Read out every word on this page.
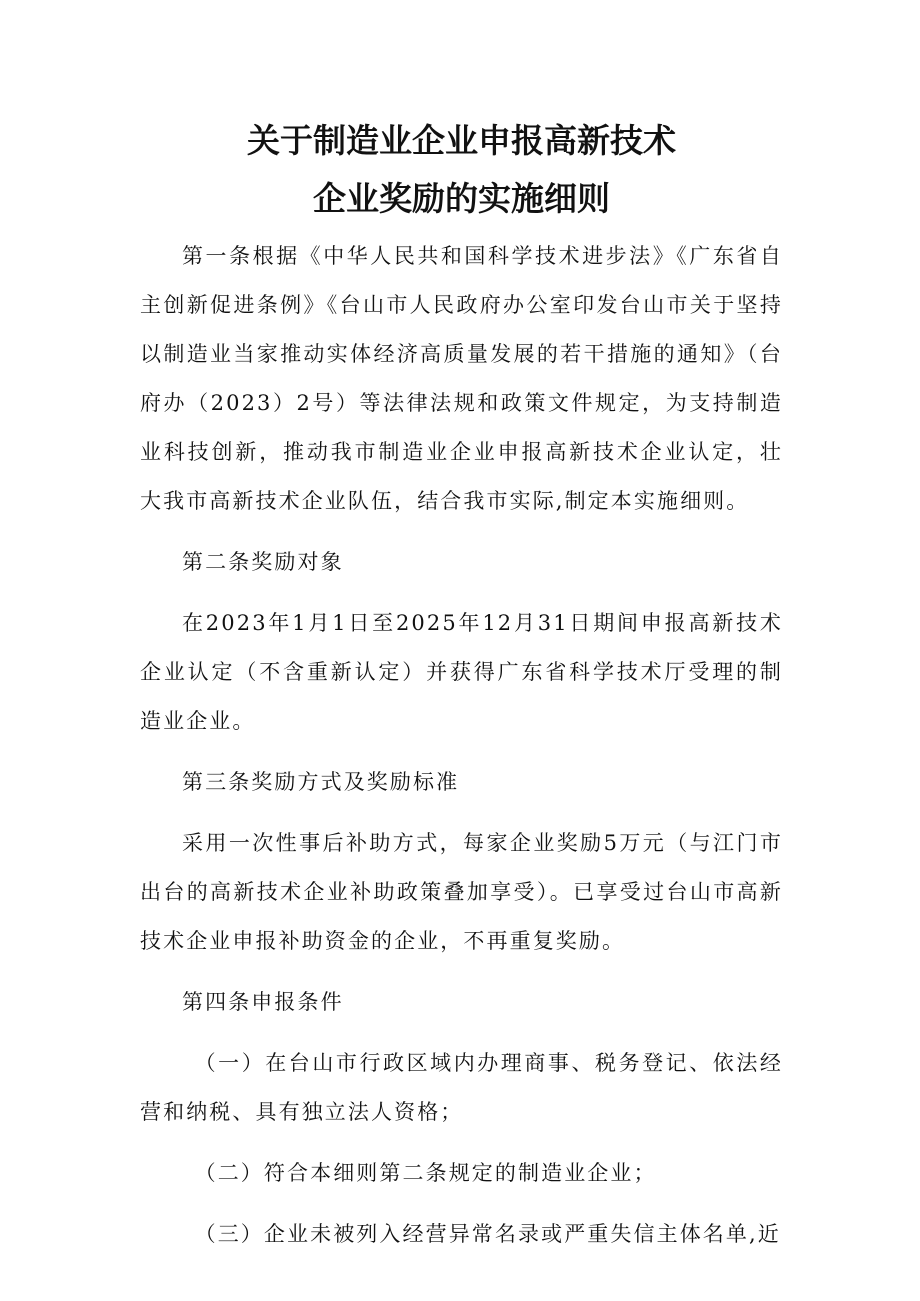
关于制造业企业申报高新技术
企业奖励的实施细则

第一条根据《中华人民共和国科学技术进步法》《广东省自主创新促进条例》《台山市人民政府办公室印发台山市关于坚持以制造业当家推动实体经济高质量发展的若干措施的通知》（台府办（2023）2号）等法律法规和政策文件规定，为支持制造业科技创新，推动我市制造业企业申报高新技术企业认定，壮大我市高新技术企业队伍，结合我市实际,制定本实施细则。

第二条奖励对象

在2023年1月1日至2025年12月31日期间申报高新技术企业认定（不含重新认定）并获得广东省科学技术厅受理的制造业企业。

第三条奖励方式及奖励标准

采用一次性事后补助方式，每家企业奖励5万元（与江门市出台的高新技术企业补助政策叠加享受）。已享受过台山市高新技术企业申报补助资金的企业，不再重复奖励。

第四条申报条件

（一）在台山市行政区域内办理商事、税务登记、依法经营和纳税、具有独立法人资格；

（二）符合本细则第二条规定的制造业企业；

（三）企业未被列入经营异常名录或严重失信主体名单,近
